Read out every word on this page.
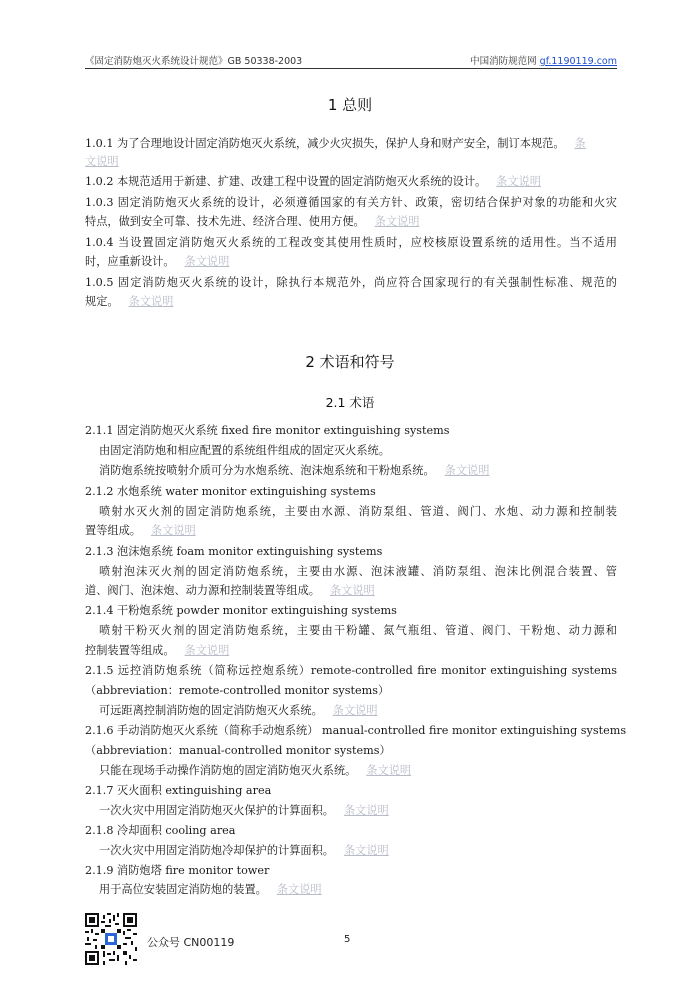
《固定消防炮灭火系统设计规范》GB 50338-2003	中国消防规范网 gf.1190119.com
1 总则
1.0.1 为了合理地设计固定消防炮灭火系统，减少火灾损失，保护人身和财产安全，制订本规范。 条
文说明
1.0.2 本规范适用于新建、扩建、改建工程中设置的固定消防炮灭火系统的设计。 条文说明
1.0.3 固定消防炮灭火系统的设计，必须遵循国家的有关方针、政策，密切结合保护对象的功能和火灾
特点，做到安全可靠、技术先进、经济合理、使用方便。 条文说明
1.0.4 当设置固定消防炮灭火系统的工程改变其使用性质时，应校核原设置系统的适用性。当不适用
时，应重新设计。 条文说明
1.0.5 固定消防炮灭火系统的设计，除执行本规范外，尚应符合国家现行的有关强制性标准、规范的
规定。 条文说明
2 术语和符号
2.1 术语
2.1.1 固定消防炮灭火系统 fixed fire monitor extinguishing systems
由固定消防炮和相应配置的系统组件组成的固定灭火系统。
消防炮系统按喷射介质可分为水炮系统、泡沫炮系统和干粉炮系统。 条文说明
2.1.2 水炮系统 water monitor extinguishing systems
喷射水灭火剂的固定消防炮系统，主要由水源、消防泵组、管道、阀门、水炮、动力源和控制装
置等组成。 条文说明
2.1.3 泡沫炮系统 foam monitor extinguishing systems
喷射泡沫灭火剂的固定消防炮系统，主要由水源、泡沫液罐、消防泵组、泡沫比例混合装置、管
道、阀门、泡沫炮、动力源和控制装置等组成。 条文说明
2.1.4 干粉炮系统 powder monitor extinguishing systems
喷射干粉灭火剂的固定消防炮系统，主要由干粉罐、氮气瓶组、管道、阀门、干粉炮、动力源和
控制装置等组成。 条文说明
2.1.5 远控消防炮系统（简称远控炮系统）remote-controlled fire monitor extinguishing systems
（abbreviation：remote-controlled monitor systems）
可远距离控制消防炮的固定消防炮灭火系统。 条文说明
2.1.6 手动消防炮灭火系统（简称手动炮系统） manual-controlled fire monitor extinguishing systems
（abbreviation：manual-controlled monitor systems）
只能在现场手动操作消防炮的固定消防炮灭火系统。 条文说明
2.1.7 灭火面积 extinguishing area
一次火灾中用固定消防炮灭火保护的计算面积。 条文说明
2.1.8 冷却面积 cooling area
一次火灾中用固定消防炮冷却保护的计算面积。 条文说明
2.1.9 消防炮塔 fire monitor tower
用于高位安装固定消防炮的装置。 条文说明
公众号 CN00119	5
